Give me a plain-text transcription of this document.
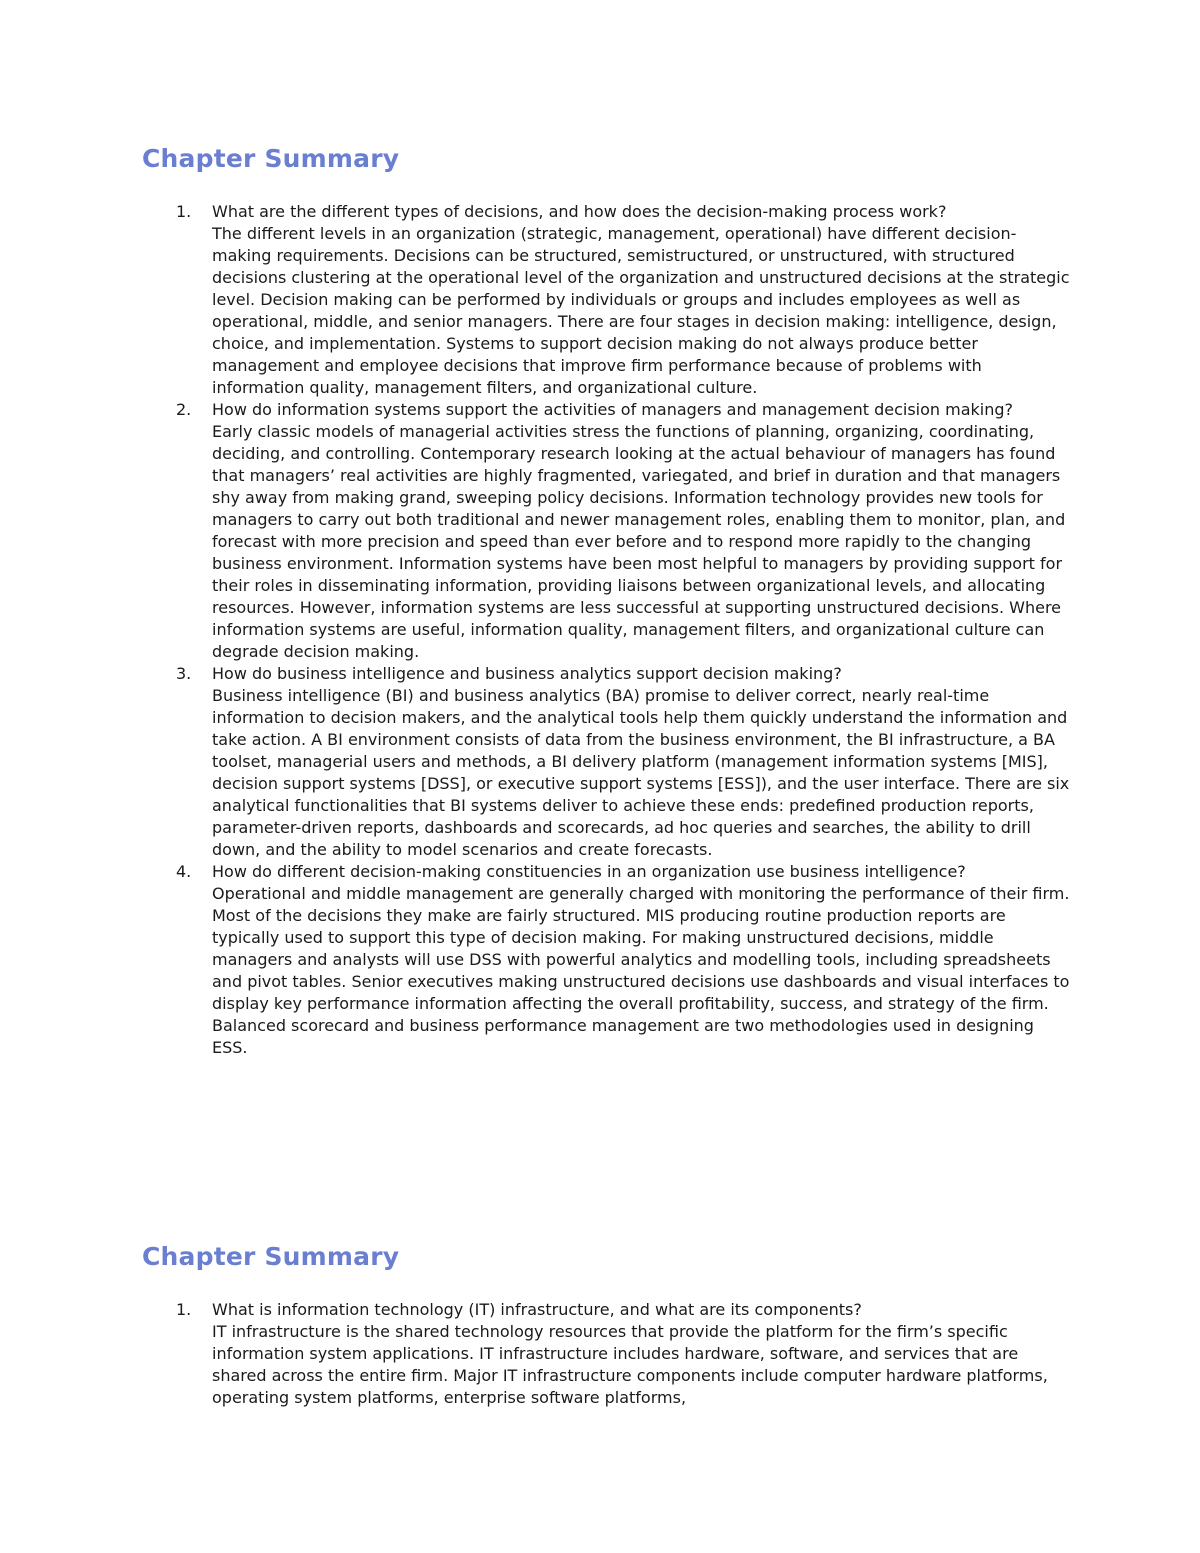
Chapter Summary
1. What are the different types of decisions, and how does the decision-making process work?
The different levels in an organization (strategic, management, operational) have different decision-making requirements. Decisions can be structured, semistructured, or unstructured, with structured decisions clustering at the operational level of the organization and unstructured decisions at the strategic level. Decision making can be performed by individuals or groups and includes employees as well as operational, middle, and senior managers. There are four stages in decision making: intelligence, design, choice, and implementation. Systems to support decision making do not always produce better management and employee decisions that improve firm performance because of problems with information quality, management filters, and organizational culture.
2. How do information systems support the activities of managers and management decision making?
Early classic models of managerial activities stress the functions of planning, organizing, coordinating, deciding, and controlling. Contemporary research looking at the actual behaviour of managers has found that managers’ real activities are highly fragmented, variegated, and brief in duration and that managers shy away from making grand, sweeping policy decisions. Information technology provides new tools for managers to carry out both traditional and newer management roles, enabling them to monitor, plan, and forecast with more precision and speed than ever before and to respond more rapidly to the changing business environment. Information systems have been most helpful to managers by providing support for their roles in disseminating information, providing liaisons between organizational levels, and allocating resources. However, information systems are less successful at supporting unstructured decisions. Where information systems are useful, information quality, management filters, and organizational culture can degrade decision making.
3. How do business intelligence and business analytics support decision making?
Business intelligence (BI) and business analytics (BA) promise to deliver correct, nearly real-time information to decision makers, and the analytical tools help them quickly understand the information and take action. A BI environment consists of data from the business environment, the BI infrastructure, a BA toolset, managerial users and methods, a BI delivery platform (management information systems [MIS], decision support systems [DSS], or executive support systems [ESS]), and the user interface. There are six analytical functionalities that BI systems deliver to achieve these ends: predefined production reports, parameter-driven reports, dashboards and scorecards, ad hoc queries and searches, the ability to drill down, and the ability to model scenarios and create forecasts.
4. How do different decision-making constituencies in an organization use business intelligence?
Operational and middle management are generally charged with monitoring the performance of their firm. Most of the decisions they make are fairly structured. MIS producing routine production reports are typically used to support this type of decision making. For making unstructured decisions, middle managers and analysts will use DSS with powerful analytics and modelling tools, including spreadsheets and pivot tables. Senior executives making unstructured decisions use dashboards and visual interfaces to display key performance information affecting the overall profitability, success, and strategy of the firm. Balanced scorecard and business performance management are two methodologies used in designing ESS.
Chapter Summary
1. What is information technology (IT) infrastructure, and what are its components?
IT infrastructure is the shared technology resources that provide the platform for the firm’s specific information system applications. IT infrastructure includes hardware, software, and services that are shared across the entire firm. Major IT infrastructure components include computer hardware platforms, operating system platforms, enterprise software platforms,
